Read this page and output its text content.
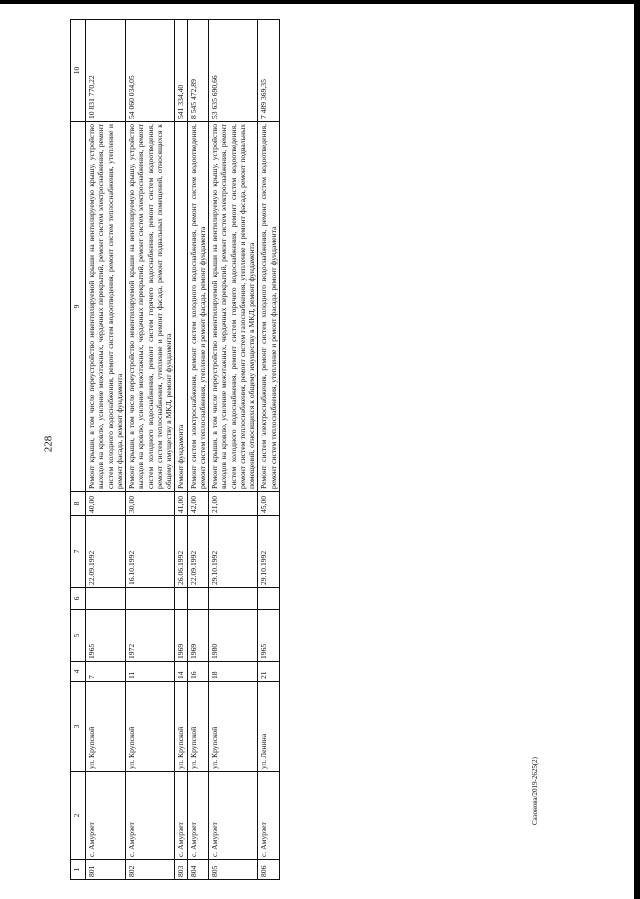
228
Сазонова/2019-2625(2)
1	2	3	4	5	6	7	8	9	10
801	с. Амурзет	ул. Крупской	7	1965		22.09.1992	40,00	Ремонт крыши, в том числе переустройство невентилируемой крыши на вентилируемую крышу, устройство выходов на кровлю, усиление межэтажных, чердачных перекрытий, ремонт систем электроснабжения, ремонт систем холодного водоснабжения, ремонт систем водоотведения, ремонт систем теплоснабжения, утепление и ремонт фасада, ремонт фундамента	10 831 770,22
802	с. Амурзет	ул. Крупской	11	1972		16.10.1992	30,00	Ремонт крыши, в том числе переустройство невентилируемой крыши на вентилируемую крышу, устройство выходов на кровлю, усиление межэтажных, чердачных перекрытий, ремонт систем электроснабжения, ремонт систем холодного водоснабжения, ремонт систем горячего водоснабжения, ремонт систем водоотведения, ремонт систем теплоснабжения, утепление и ремонт фасада, ремонт подвальных помещений, относящихся к общему имуществу в МКД, ремонт фундамента	54 060 034,05
803	с. Амурзет	ул. Крупской	14	1969		26.06.1992	41,00	Ремонт фундамента	541 334,40
804	с. Амурзет	ул. Крупской	16	1969		22.09.1992	42,00	Ремонт систем электроснабжения, ремонт систем холодного водоснабжения, ремонт систем водоотведения, ремонт систем теплоснабжения, утепление и ремонт фасада, ремонт фундамента	8 545 472,89
805	с. Амурзет	ул. Крупской	18	1980		29.10.1992	21,00	Ремонт крыши, в том числе переустройство невентилируемой крыши на вентилируемую крышу, устройство выходов на кровлю, усиление межэтажных, чердачных перекрытий, ремонт систем электроснабжения, ремонт систем холодного водоснабжения, ремонт систем горячего водоснабжения, ремонт систем водоотведения, ремонт систем теплоснабжения, ремонт систем газоснабжения, утепление и ремонт фасада, ремонт подвальных помещений, относящихся к общему имуществу в МКД, ремонт фундамента	53 635 690,66
806	с. Амурзет	ул. Ленина	21	1965		29.10.1992	45,00	Ремонт систем электроснабжения, ремонт систем холодного водоснабжения, ремонт систем водоотведения, ремонт систем теплоснабжения, утепление и ремонт фасада, ремонт фундамента	7 489 369,35
